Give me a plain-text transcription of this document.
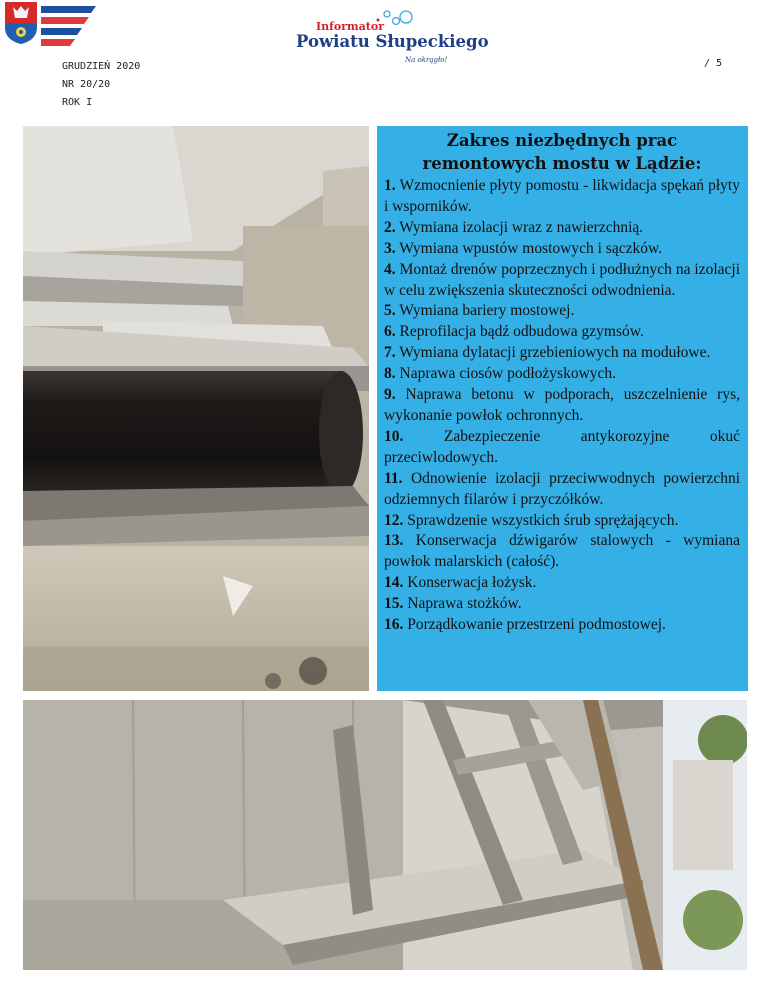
Informator
Powiatu Słupeckiego
Na okrągło!
GRUDZIEŃ 2020
NR 20/20
ROK I
/ 5
Zakres niezbędnych prac
remontowych mostu w Lądzie:
1. Wzmocnienie płyty pomostu - likwidacja spękań płyty i wsporników.
2. Wymiana izolacji wraz z nawierzchnią.
3. Wymiana wpustów mostowych i sączków.
4. Montaż drenów poprzecznych i podłużnych na izolacji w celu zwiększenia skuteczności odwodnienia.
5. Wymiana bariery mostowej.
6. Reprofilacja bądź odbudowa gzymsów.
7. Wymiana dylatacji grzebieniowych na modułowe.
8. Naprawa ciosów podłożyskowych.
9. Naprawa betonu w podporach, uszczelnienie rys, wykonanie powłok ochronnych.
10.	Zabezpieczenie antykorozyjne okuć przeciwlodowych.
11. Odnowienie izolacji przeciwwodnych powierzchni odziemnych filarów i przyczółków.
12. Sprawdzenie wszystkich śrub sprężających.
13. Konserwacja dźwigarów stalowych - wymiana powłok malarskich (całość).
14. Konserwacja łożysk.
15. Naprawa stożków.
16. Porządkowanie przestrzeni podmostowej.
